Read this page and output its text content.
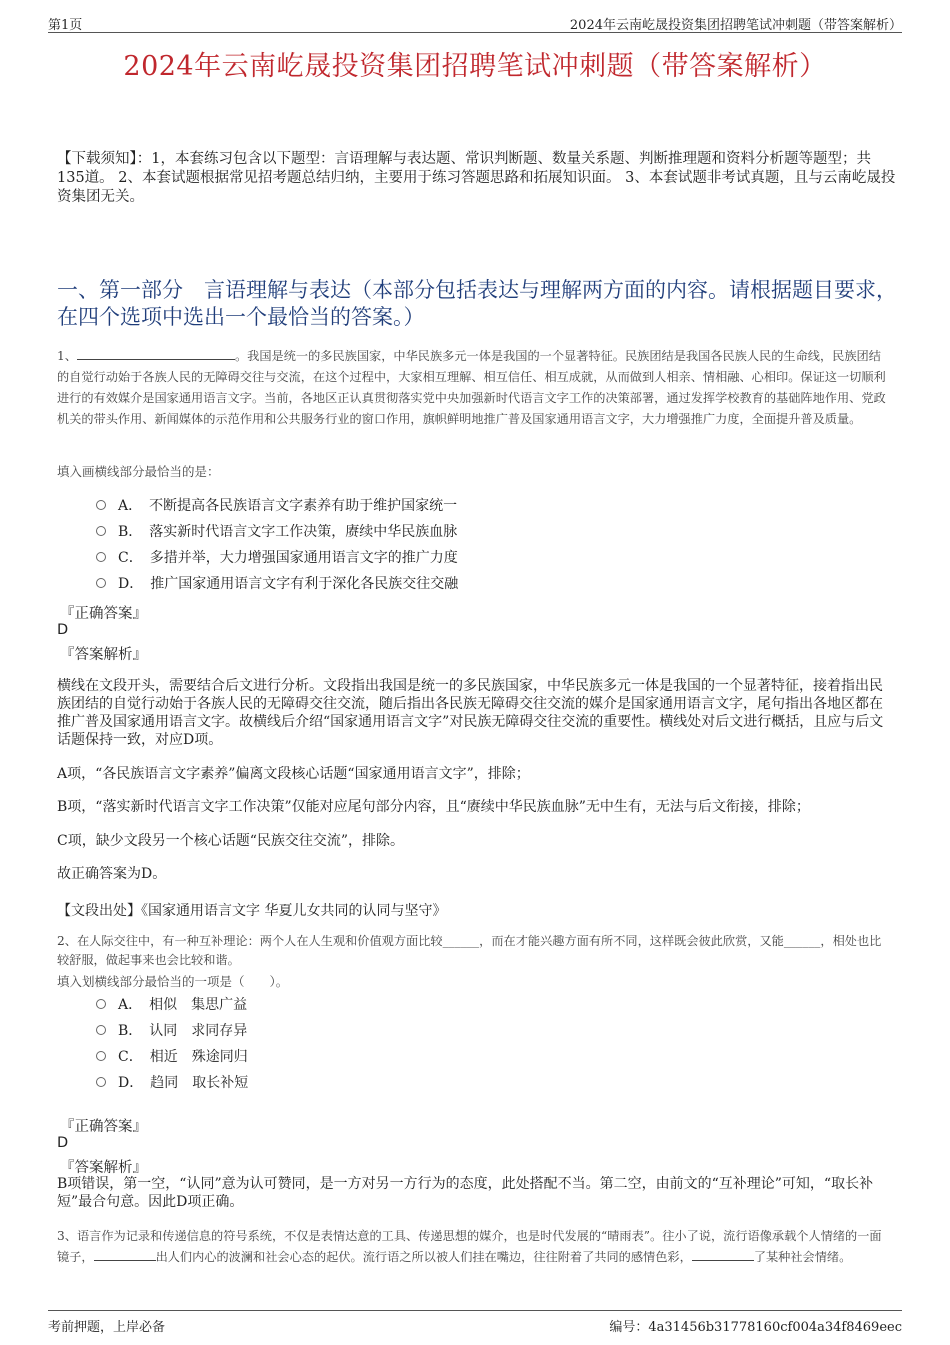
第1页	2024年云南屹晟投资集团招聘笔试冲刺题（带答案解析）
2024年云南屹晟投资集团招聘笔试冲刺题（带答案解析）
【下载须知】：1，本套练习包含以下题型：言语理解与表达题、常识判断题、数量关系题、判断推理题和资料分析题等题型；共135道。 2、本套试题根据常见招考题总结归纳，主要用于练习答题思路和拓展知识面。 3、本套试题非考试真题，且与云南屹晟投资集团无关。
一、第一部分　言语理解与表达（本部分包括表达与理解两方面的内容。请根据题目要求，在四个选项中选出一个最恰当的答案。）
1、	。我国是统一的多民族国家，中华民族多元一体是我国的一个显著特征。民族团结是我国各民族人民的生命线，民族团结的自觉行动始于各族人民的无障碍交往与交流，在这个过程中，大家相互理解、相互信任、相互成就，从而做到人相亲、情相融、心相印。保证这一切顺利进行的有效媒介是国家通用语言文字。当前，各地区正认真贯彻落实党中央加强新时代语言文字工作的决策部署，通过发挥学校教育的基础阵地作用、党政机关的带头作用、新闻媒体的示范作用和公共服务行业的窗口作用，旗帜鲜明地推广普及国家通用语言文字，大力增强推广力度，全面提升普及质量。
填入画横线部分最恰当的是：
A．　不断提高各民族语言文字素养有助于维护国家统一
B．　落实新时代语言文字工作决策，赓续中华民族血脉
C．　多措并举，大力增强国家通用语言文字的推广力度
D．　推广国家通用语言文字有利于深化各民族交往交融
『正确答案』
D
『答案解析』
横线在文段开头，需要结合后文进行分析。文段指出我国是统一的多民族国家，中华民族多元一体是我国的一个显著特征，接着指出民族团结的自觉行动始于各族人民的无障碍交往交流，随后指出各民族无障碍交往交流的媒介是国家通用语言文字，尾句指出各地区都在推广普及国家通用语言文字。故横线后介绍“国家通用语言文字”对民族无障碍交往交流的重要性。横线处对后文进行概括，且应与后文话题保持一致，对应D项。
A项，“各民族语言文字素养”偏离文段核心话题“国家通用语言文字”，排除；
B项，“落实新时代语言文字工作决策”仅能对应尾句部分内容，且“赓续中华民族血脉”无中生有，无法与后文衔接，排除；
C项，缺少文段另一个核心话题“民族交往交流”，排除。
故正确答案为D。
【文段出处】《国家通用语言文字 华夏儿女共同的认同与坚守》
2、在人际交往中，有一种互补理论：两个人在人生观和价值观方面比较______，而在才能兴趣方面有所不同，这样既会彼此欣赏，又能______，相处也比较舒服，做起事来也会比较和谐。
填入划横线部分最恰当的一项是（　　）。
A．　相似　集思广益
B．　认同　求同存异
C．　相近　殊途同归
D．　趋同　取长补短
『正确答案』
D
『答案解析』
B项错误，第一空，“认同”意为认可赞同，是一方对另一方行为的态度，此处搭配不当。第二空，由前文的“互补理论”可知，“取长补短”最合句意。因此D项正确。
3、语言作为记录和传递信息的符号系统，不仅是表情达意的工具、传递思想的媒介，也是时代发展的“晴雨表”。往小了说，流行语像承载个人情绪的一面镜子，	出人们内心的波澜和社会心态的起伏。流行语之所以被人们挂在嘴边，往往附着了共同的感情色彩，	了某种社会情绪。
考前押题，上岸必备	编号：4a31456b31778160cf004a34f8469eec
